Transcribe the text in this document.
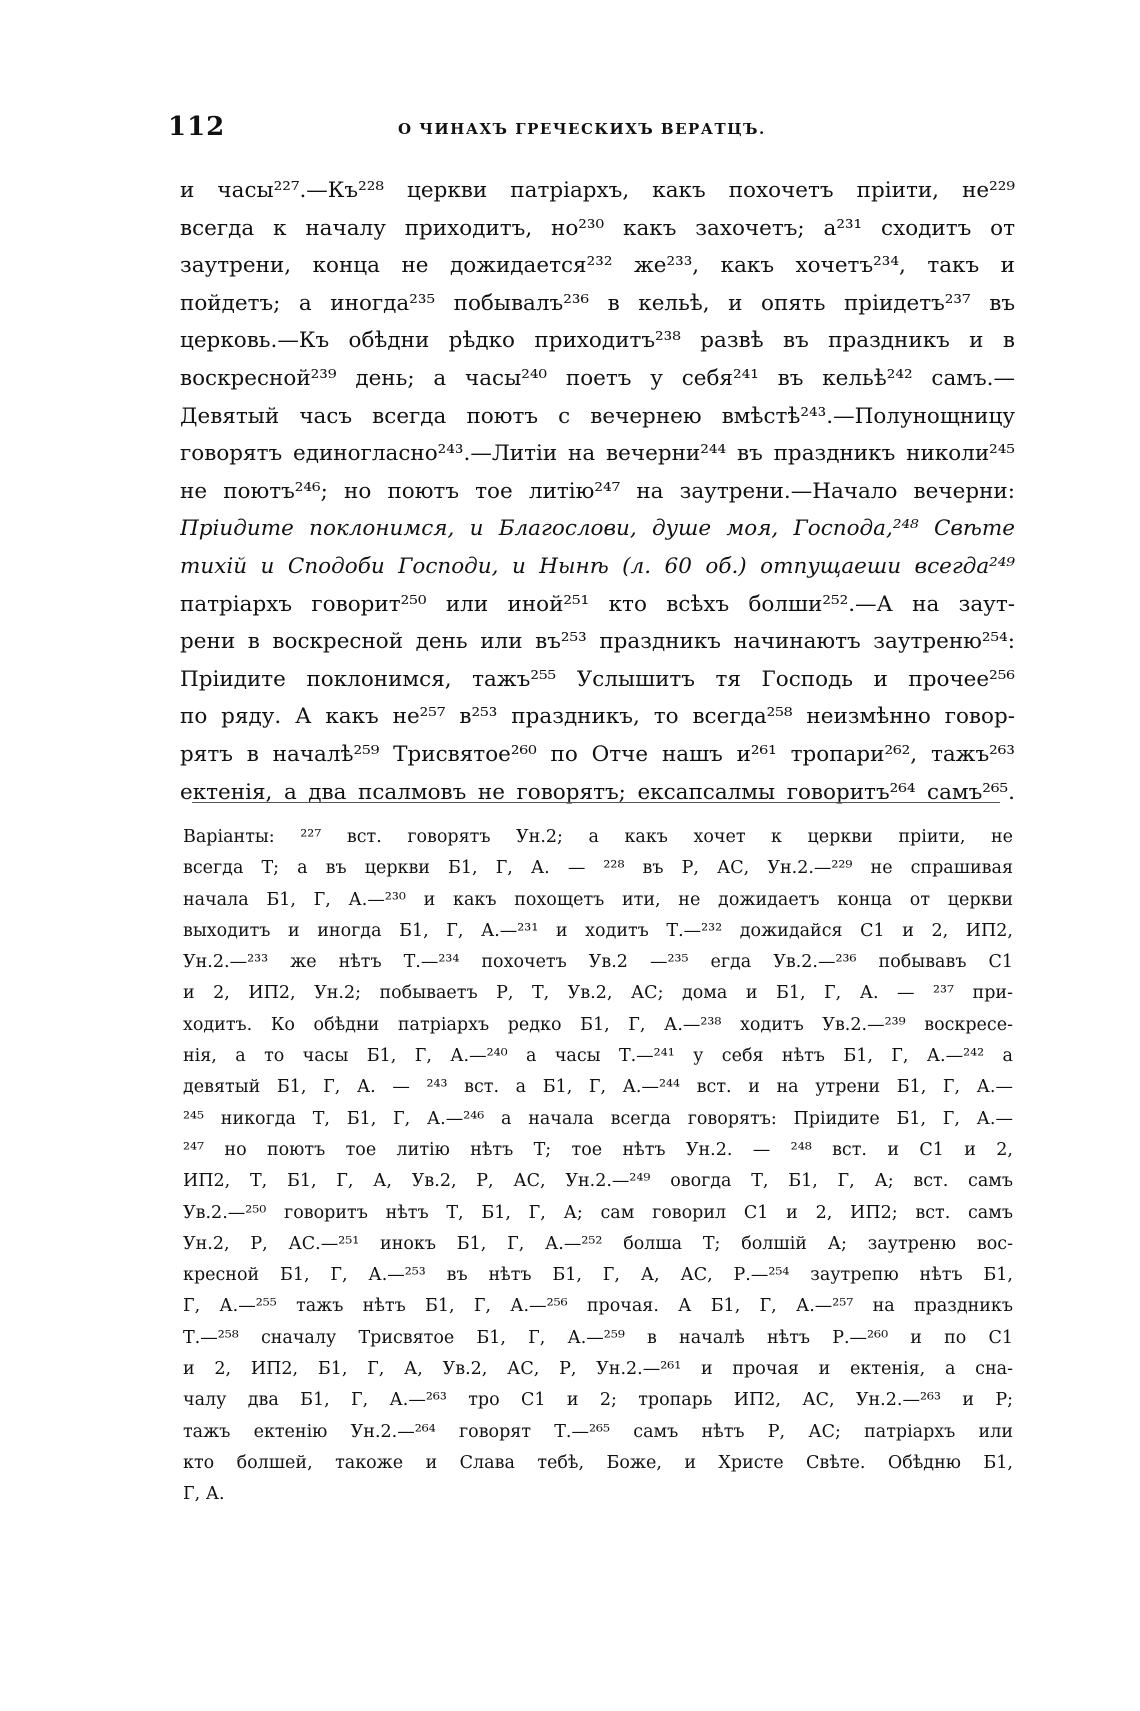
112	О ЧИНАХЪ ГРЕЧЕСКИХЪ ВЕРАТЦЪ.
и часы²²⁷.—Къ²²⁸ церкви патріархъ, какъ похочетъ пріити, не²²⁹
всегда к началу приходитъ, но²³⁰ какъ захочетъ; а²³¹ сходитъ от
заутрени, конца не дожидается²³² же²³³, какъ хочетъ²³⁴, такъ и
пойдетъ; а иногда²³⁵ побывалъ²³⁶ в кельѣ, и опять пріидетъ²³⁷ въ
церковь.—Къ обѣдни рѣдко приходитъ²³⁸ развѣ въ праздникъ и в
воскресной²³⁹ день; а часы²⁴⁰ поетъ у себя²⁴¹ въ кельѣ²⁴² самъ.—
Девятый часъ всегда поютъ с вечернею вмѣстѣ²⁴³.—Полунощницу
говорятъ единогласно²⁴³.—Литіи на вечерни²⁴⁴ въ праздникъ николи²⁴⁵
не поютъ²⁴⁶; но поютъ тое литію²⁴⁷ на заутрени.—Начало вечерни:
Пріидите поклонимся, и Благослови, душе моя, Господа,²⁴⁸ Свѣте
тихій и Сподоби Господи, и Нынѣ (л. 60 об.) отпущаеши всегда²⁴⁹
патріархъ говорит²⁵⁰ или иной²⁵¹ кто всѣхъ болши²⁵².—А на заут-
рени в воскресной день или въ²⁵³ праздникъ начинаютъ заутреню²⁵⁴:
Пріидите поклонимся, тажъ²⁵⁵ Услышитъ тя Господь и прочее²⁵⁶
по ряду. А какъ не²⁵⁷ в²⁵³ праздникъ, то всегда²⁵⁸ неизмѣнно говор-
рятъ в началѣ²⁵⁹ Трисвятое²⁶⁰ по Отче нашъ и²⁶¹ тропари²⁶², тажъ²⁶³
ектенія, а два псалмовъ не говорятъ; ексапсалмы говоритъ²⁶⁴ самъ²⁶⁵.
Варіанты: ²²⁷ вст. говорятъ Ун.2; а какъ хочет к церкви пріити, не
всегда Т; а въ церкви Б1, Г, А. — ²²⁸ въ Р, АС, Ун.2.—²²⁹ не спрашивая
начала Б1, Г, А.—²³⁰ и какъ похощетъ ити, не дожидаетъ конца от церкви
выходитъ и иногда Б1, Г, А.—²³¹ и ходитъ Т.—²³² дожидайся С1 и 2, ИП2,
Ун.2.—²³³ же нѣтъ Т.—²³⁴ похочетъ Ув.2 —²³⁵ егда Ув.2.—²³⁶ побывавъ С1
и 2, ИП2, Ун.2; побываетъ Р, Т, Ув.2, АС; дома и Б1, Г, А. — ²³⁷ при-
ходитъ. Ко обѣдни патріархъ редко Б1, Г, А.—²³⁸ ходитъ Ув.2.—²³⁹ воскресе-
нія, а то часы Б1, Г, А.—²⁴⁰ а часы Т.—²⁴¹ у себя нѣтъ Б1, Г, А.—²⁴² а
девятый Б1, Г, А. — ²⁴³ вст. а Б1, Г, А.—²⁴⁴ вст. и на утрени Б1, Г, А.—
²⁴⁵ никогда Т, Б1, Г, А.—²⁴⁶ а начала всегда говорятъ: Пріидите Б1, Г, А.—
²⁴⁷ но поютъ тое литію нѣтъ Т; тое нѣтъ Ун.2. — ²⁴⁸ вст. и С1 и 2,
ИП2, Т, Б1, Г, А, Ув.2, Р, АС, Ун.2.—²⁴⁹ овогда Т, Б1, Г, А; вст. самъ
Ув.2.—²⁵⁰ говоритъ нѣтъ Т, Б1, Г, А; сам говорил С1 и 2, ИП2; вст. самъ
Ун.2, Р, АС.—²⁵¹ инокъ Б1, Г, А.—²⁵² болша Т; болшій А; заутреню вос-
кресной Б1, Г, А.—²⁵³ въ нѣтъ Б1, Г, А, АС, Р.—²⁵⁴ заутрепю нѣтъ Б1,
Г, А.—²⁵⁵ тажъ нѣтъ Б1, Г, А.—²⁵⁶ прочая. А Б1, Г, А.—²⁵⁷ на праздникъ
Т.—²⁵⁸ сначалу Трисвятое Б1, Г, А.—²⁵⁹ в началѣ нѣтъ Р.—²⁶⁰ и по С1
и 2, ИП2, Б1, Г, А, Ув.2, АС, Р, Ун.2.—²⁶¹ и прочая и ектенія, а сна-
чалу два Б1, Г, А.—²⁶³ тро С1 и 2; тропарь ИП2, АС, Ун.2.—²⁶³ и Р;
тажъ ектенію Ун.2.—²⁶⁴ говорят Т.—²⁶⁵ самъ нѣтъ Р, АС; патріархъ или
кто болшей, такоже и Слава тебѣ, Боже, и Христе Свѣте. Обѣдню Б1,
Г, А.
